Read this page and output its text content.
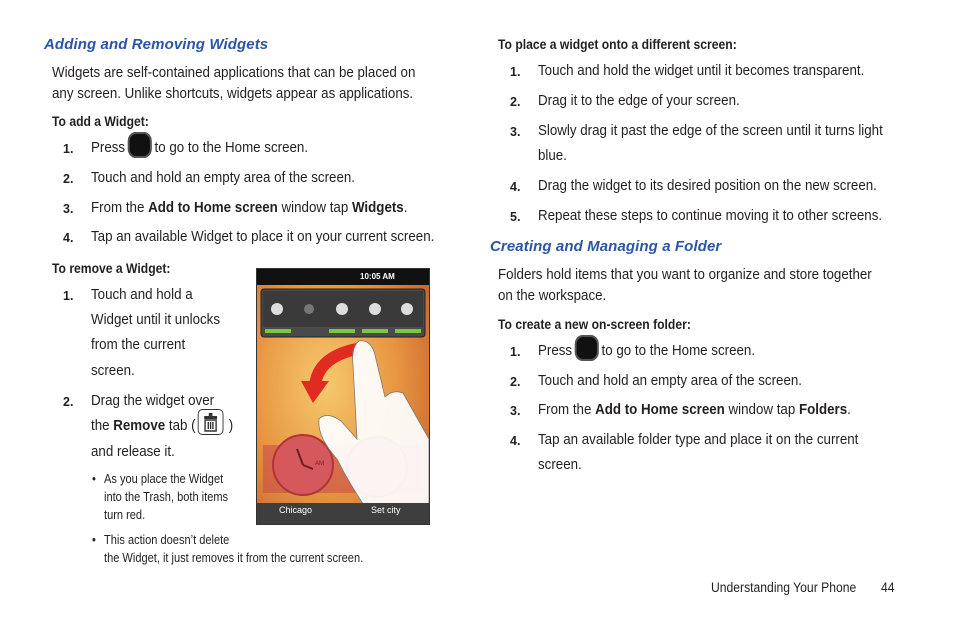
Adding and Removing Widgets
Widgets are self-contained applications that can be placed on
any screen. Unlike shortcuts, widgets appear as applications.
To add a Widget:
1. Press to go to the Home screen.
2. Touch and hold an empty area of the screen.
3. From the Add to Home screen window tap Widgets.
4. Tap an available Widget to place it on your current screen.
To remove a Widget:
1. Touch and hold a
Widget until it unlocks
from the current
screen.
2. Drag the widget over
the Remove tab ( )
and release it.
• As you place the Widget
into the Trash, both items
turn red.
• This action doesn’t delete
the Widget, it just removes it from the current screen.
10:05 AM
AM
Chicago	Set city
To place a widget onto a different screen:
1. Touch and hold the widget until it becomes transparent.
2. Drag it to the edge of your screen.
3. Slowly drag it past the edge of the screen until it turns light
blue.
4. Drag the widget to its desired position on the new screen.
5. Repeat these steps to continue moving it to other screens.
Creating and Managing a Folder
Folders hold items that you want to organize and store together
on the workspace.
To create a new on-screen folder:
1. Press to go to the Home screen.
2. Touch and hold an empty area of the screen.
3. From the Add to Home screen window tap Folders.
4. Tap an available folder type and place it on the current
screen.
Understanding Your Phone 44
